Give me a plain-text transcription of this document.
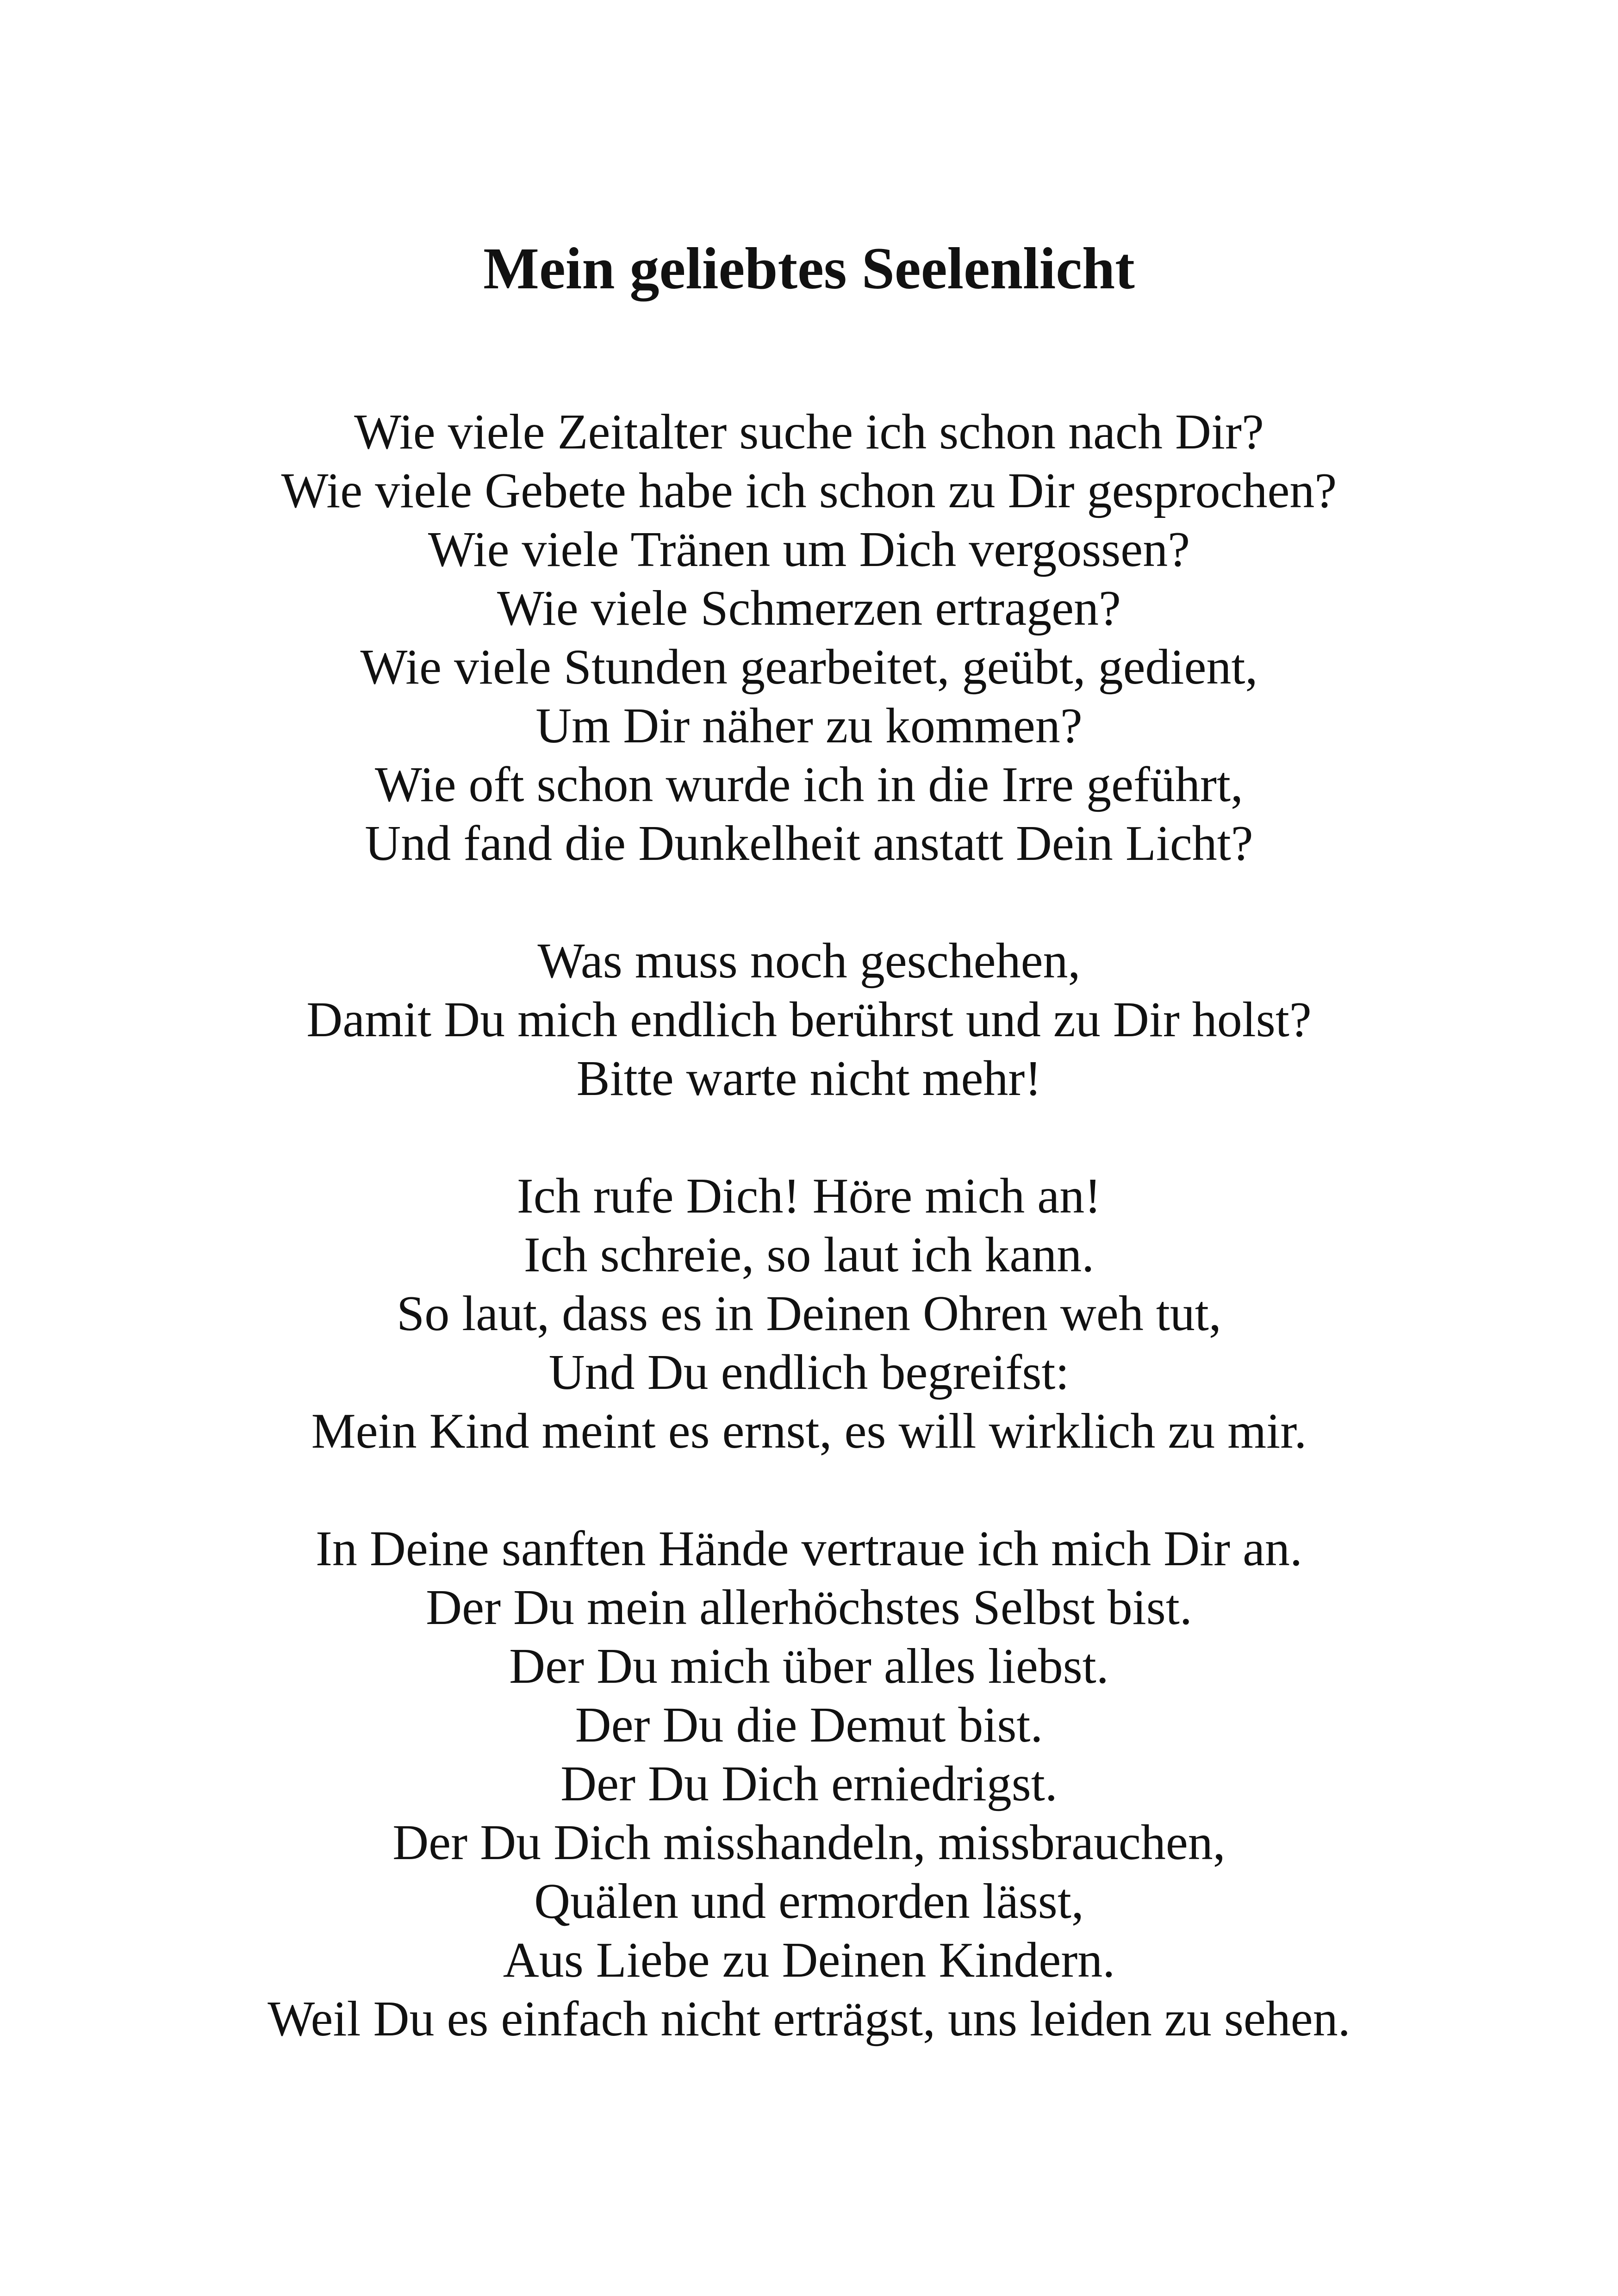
Mein geliebtes Seelenlicht
Wie viele Zeitalter suche ich schon nach Dir?
Wie viele Gebete habe ich schon zu Dir gesprochen?
Wie viele Tränen um Dich vergossen?
Wie viele Schmerzen ertragen?
Wie viele Stunden gearbeitet, geübt, gedient,
Um Dir näher zu kommen?
Wie oft schon wurde ich in die Irre geführt,
Und fand die Dunkelheit anstatt Dein Licht?
Was muss noch geschehen,
Damit Du mich endlich berührst und zu Dir holst?
Bitte warte nicht mehr!
Ich rufe Dich! Höre mich an!
Ich schreie, so laut ich kann.
So laut, dass es in Deinen Ohren weh tut,
Und Du endlich begreifst:
Mein Kind meint es ernst, es will wirklich zu mir.
In Deine sanften Hände vertraue ich mich Dir an.
Der Du mein allerhöchstes Selbst bist.
Der Du mich über alles liebst.
Der Du die Demut bist.
Der Du Dich erniedrigst.
Der Du Dich misshandeln, missbrauchen,
Quälen und ermorden lässt,
Aus Liebe zu Deinen Kindern.
Weil Du es einfach nicht erträgst, uns leiden zu sehen.
